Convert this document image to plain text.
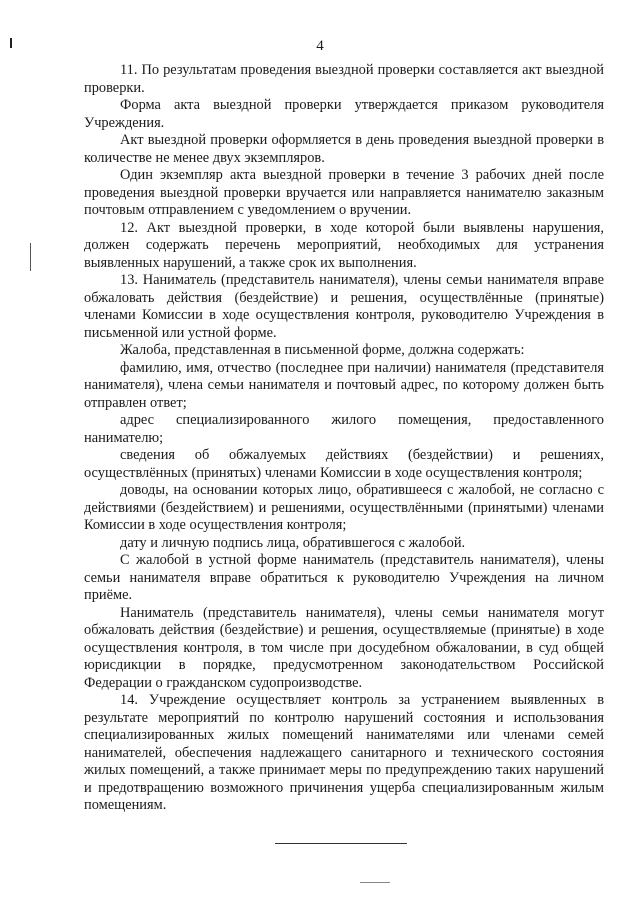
4

11. По результатам проведения выездной проверки составляется акт выездной проверки.

Форма акта выездной проверки утверждается приказом руководителя Учреждения.

Акт выездной проверки оформляется в день проведения выездной проверки в количестве не менее двух экземпляров.

Один экземпляр акта выездной проверки в течение 3 рабочих дней после проведения выездной проверки вручается или направляется нанимателю заказным почтовым отправлением с уведомлением о вручении.

12. Акт выездной проверки, в ходе которой были выявлены нарушения, должен содержать перечень мероприятий, необходимых для устранения выявленных нарушений, а также срок их выполнения.

13. Наниматель (представитель нанимателя), члены семьи нанимателя вправе обжаловать действия (бездействие) и решения, осуществлённые (принятые) членами Комиссии в ходе осуществления контроля, руководителю Учреждения в письменной или устной форме.

Жалоба, представленная в письменной форме, должна содержать:

фамилию, имя, отчество (последнее при наличии) нанимателя (представителя нанимателя), члена семьи нанимателя и почтовый адрес, по которому должен быть отправлен ответ;

адрес специализированного жилого помещения, предоставленного нанимателю;

сведения об обжалуемых действиях (бездействии) и решениях, осуществлённых (принятых) членами Комиссии в ходе осуществления контроля;

доводы, на основании которых лицо, обратившееся с жалобой, не согласно с действиями (бездействием) и решениями, осуществлёнными (принятыми) членами Комиссии в ходе осуществления контроля;

дату и личную подпись лица, обратившегося с жалобой.

С жалобой в устной форме наниматель (представитель нанимателя), члены семьи нанимателя вправе обратиться к руководителю Учреждения на личном приёме.

Наниматель (представитель нанимателя), члены семьи нанимателя могут обжаловать действия (бездействие) и решения, осуществляемые (принятые) в ходе осуществления контроля, в том числе при досудебном обжаловании, в суд общей юрисдикции в порядке, предусмотренном законодательством Российской Федерации о гражданском судопроизводстве.

14. Учреждение осуществляет контроль за устранением выявленных в результате мероприятий по контролю нарушений состояния и использования специализированных жилых помещений нанимателями или членами семей нанимателей, обеспечения надлежащего санитарного и технического состояния жилых помещений, а также принимает меры по предупреждению таких нарушений и предотвращению возможного причинения ущерба специализированным жилым помещениям.
